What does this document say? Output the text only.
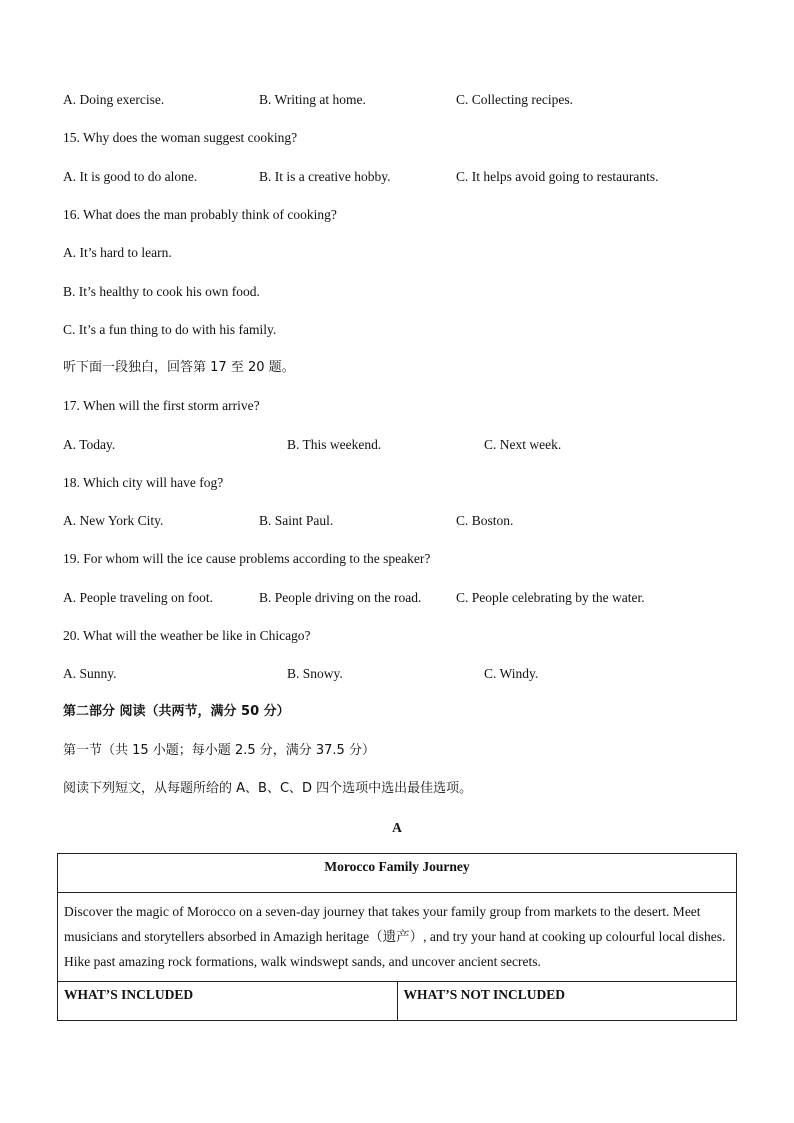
A. Doing exercise.	B. Writing at home.	C. Collecting recipes.
15. Why does the woman suggest cooking?
A. It is good to do alone.	B. It is a creative hobby.	C. It helps avoid going to restaurants.
16. What does the man probably think of cooking?
A. It’s hard to learn.
B. It’s healthy to cook his own food.
C. It’s a fun thing to do with his family.
听下面一段独白，回答第 17 至 20 题。
17. When will the first storm arrive?
A. Today.	B. This weekend.	C. Next week.
18. Which city will have fog?
A. New York City.	B. Saint Paul.	C. Boston.
19. For whom will the ice cause problems according to the speaker?
A. People traveling on foot.	B. People driving on the road.	C. People celebrating by the water.
20. What will the weather be like in Chicago?
A. Sunny.	B. Snowy.	C. Windy.
第二部分 阅读（共两节，满分 50 分）
第一节（共 15 小题；每小题 2.5 分，满分 37.5 分）
阅读下列短文，从每题所给的 A、B、C、D 四个选项中选出最佳选项。
A
Morocco Family Journey
Discover the magic of Morocco on a seven-day journey that takes your family group from markets to the desert. Meet musicians and storytellers absorbed in Amazigh heritage（遗产）, and try your hand at cooking up colourful local dishes. Hike past amazing rock formations, walk windswept sands, and uncover ancient secrets.
WHAT’S INCLUDED	WHAT’S NOT INCLUDED
